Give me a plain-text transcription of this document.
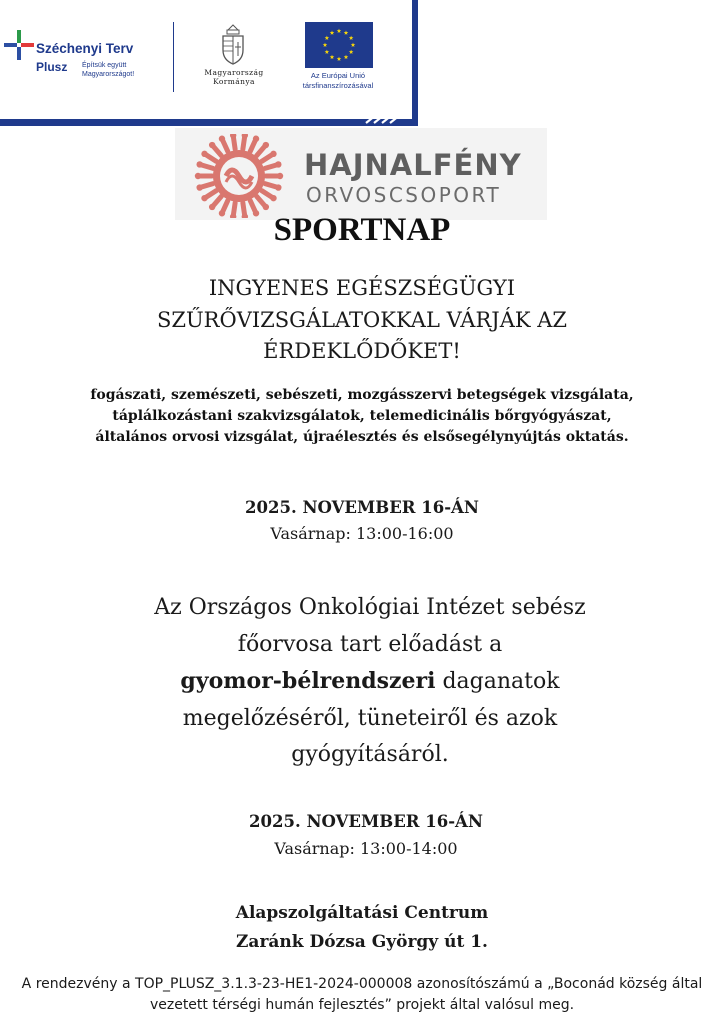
Széchenyi Terv
Plusz Építsük együtt Magyarországot!	Magyarország
Kormánya
Az Európai Unió
társfinanszírozásával
HAJNALFÉNY
ORVOSCSOPORT
SPORTNAP
INGYENES EGÉSZSÉGÜGYI
SZŰRŐVIZSGÁLATOKKAL VÁRJÁK AZ
ÉRDEKLŐDŐKET!
fogászati, szemészeti, sebészeti, mozgásszervi betegségek vizsgálata,
táplálkozástani szakvizsgálatok, telemedicinális bőrgyógyászat,
általános orvosi vizsgálat, újraélesztés és elsősegélynyújtás oktatás.
2025. NOVEMBER 16-ÁN
Vasárnap: 13:00-16:00
Az Országos Onkológiai Intézet sebész
főorvosa tart előadást a
gyomor-bélrendszeri daganatok
megelőzéséről, tüneteiről és azok
gyógyításáról.
2025. NOVEMBER 16-ÁN
Vasárnap: 13:00-14:00
Alapszolgáltatási Centrum
Zaránk Dózsa György út 1.
A rendezvény a TOP_PLUSZ_3.1.3-23-HE1-2024-000008 azonosítószámú a „Boconád község által
vezetett térségi humán fejlesztés” projekt által valósul meg.
